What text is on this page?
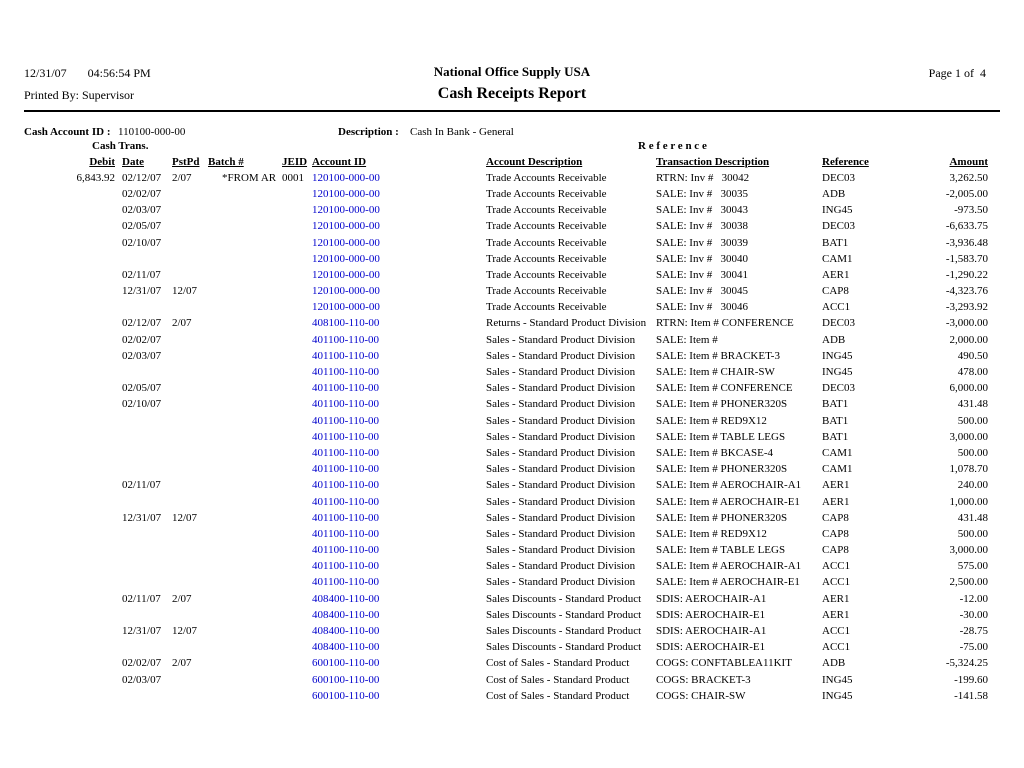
12/31/07       04:56:54 PM
Printed By: Supervisor
National Office Supply USA
Cash Receipts Report
Page 1 of  4
Cash Account ID : 110100-000-00	Description : Cash In Bank - General
Cash Trans.	R e f e r e n c e
Debit	Date	PstPd	Batch #	JEID	Account ID		Account Description	Transaction Description	Reference	Amount
6,843.92	02/12/07	2/07	*FROM AR	0001	120100-000-00		Trade Accounts Receivable	RTRN: Inv #   30042	DEC03	3,262.50
	02/02/07				120100-000-00		Trade Accounts Receivable	SALE: Inv #   30035	ADB	-2,005.00
	02/03/07				120100-000-00		Trade Accounts Receivable	SALE: Inv #   30043	ING45	-973.50
	02/05/07				120100-000-00		Trade Accounts Receivable	SALE: Inv #   30038	DEC03	-6,633.75
	02/10/07				120100-000-00		Trade Accounts Receivable	SALE: Inv #   30039	BAT1	-3,936.48
					120100-000-00		Trade Accounts Receivable	SALE: Inv #   30040	CAM1	-1,583.70
	02/11/07				120100-000-00		Trade Accounts Receivable	SALE: Inv #   30041	AER1	-1,290.22
	12/31/07	12/07			120100-000-00		Trade Accounts Receivable	SALE: Inv #   30045	CAP8	-4,323.76
					120100-000-00		Trade Accounts Receivable	SALE: Inv #   30046	ACC1	-3,293.92
	02/12/07	2/07			408100-110-00		Returns - Standard Product Division	RTRN: Item # CONFERENCE	DEC03	-3,000.00
	02/02/07				401100-110-00		Sales - Standard Product Division	SALE: Item #	ADB	2,000.00
	02/03/07				401100-110-00		Sales - Standard Product Division	SALE: Item # BRACKET-3	ING45	490.50
					401100-110-00		Sales - Standard Product Division	SALE: Item # CHAIR-SW	ING45	478.00
	02/05/07				401100-110-00		Sales - Standard Product Division	SALE: Item # CONFERENCE	DEC03	6,000.00
	02/10/07				401100-110-00		Sales - Standard Product Division	SALE: Item # PHONER320S	BAT1	431.48
					401100-110-00		Sales - Standard Product Division	SALE: Item # RED9X12	BAT1	500.00
					401100-110-00		Sales - Standard Product Division	SALE: Item # TABLE LEGS	BAT1	3,000.00
					401100-110-00		Sales - Standard Product Division	SALE: Item # BKCASE-4	CAM1	500.00
					401100-110-00		Sales - Standard Product Division	SALE: Item # PHONER320S	CAM1	1,078.70
	02/11/07				401100-110-00		Sales - Standard Product Division	SALE: Item # AEROCHAIR-A1	AER1	240.00
					401100-110-00		Sales - Standard Product Division	SALE: Item # AEROCHAIR-E1	AER1	1,000.00
	12/31/07	12/07			401100-110-00		Sales - Standard Product Division	SALE: Item # PHONER320S	CAP8	431.48
					401100-110-00		Sales - Standard Product Division	SALE: Item # RED9X12	CAP8	500.00
					401100-110-00		Sales - Standard Product Division	SALE: Item # TABLE LEGS	CAP8	3,000.00
					401100-110-00		Sales - Standard Product Division	SALE: Item # AEROCHAIR-A1	ACC1	575.00
					401100-110-00		Sales - Standard Product Division	SALE: Item # AEROCHAIR-E1	ACC1	2,500.00
	02/11/07	2/07			408400-110-00		Sales Discounts - Standard Product	SDIS: AEROCHAIR-A1	AER1	-12.00
					408400-110-00		Sales Discounts - Standard Product	SDIS: AEROCHAIR-E1	AER1	-30.00
	12/31/07	12/07			408400-110-00		Sales Discounts - Standard Product	SDIS: AEROCHAIR-A1	ACC1	-28.75
					408400-110-00		Sales Discounts - Standard Product	SDIS: AEROCHAIR-E1	ACC1	-75.00
	02/02/07	2/07			600100-110-00		Cost of Sales - Standard Product	COGS: CONFTABLEA11KIT	ADB	-5,324.25
	02/03/07				600100-110-00		Cost of Sales - Standard Product	COGS: BRACKET-3	ING45	-199.60
					600100-110-00		Cost of Sales - Standard Product	COGS: CHAIR-SW	ING45	-141.58
